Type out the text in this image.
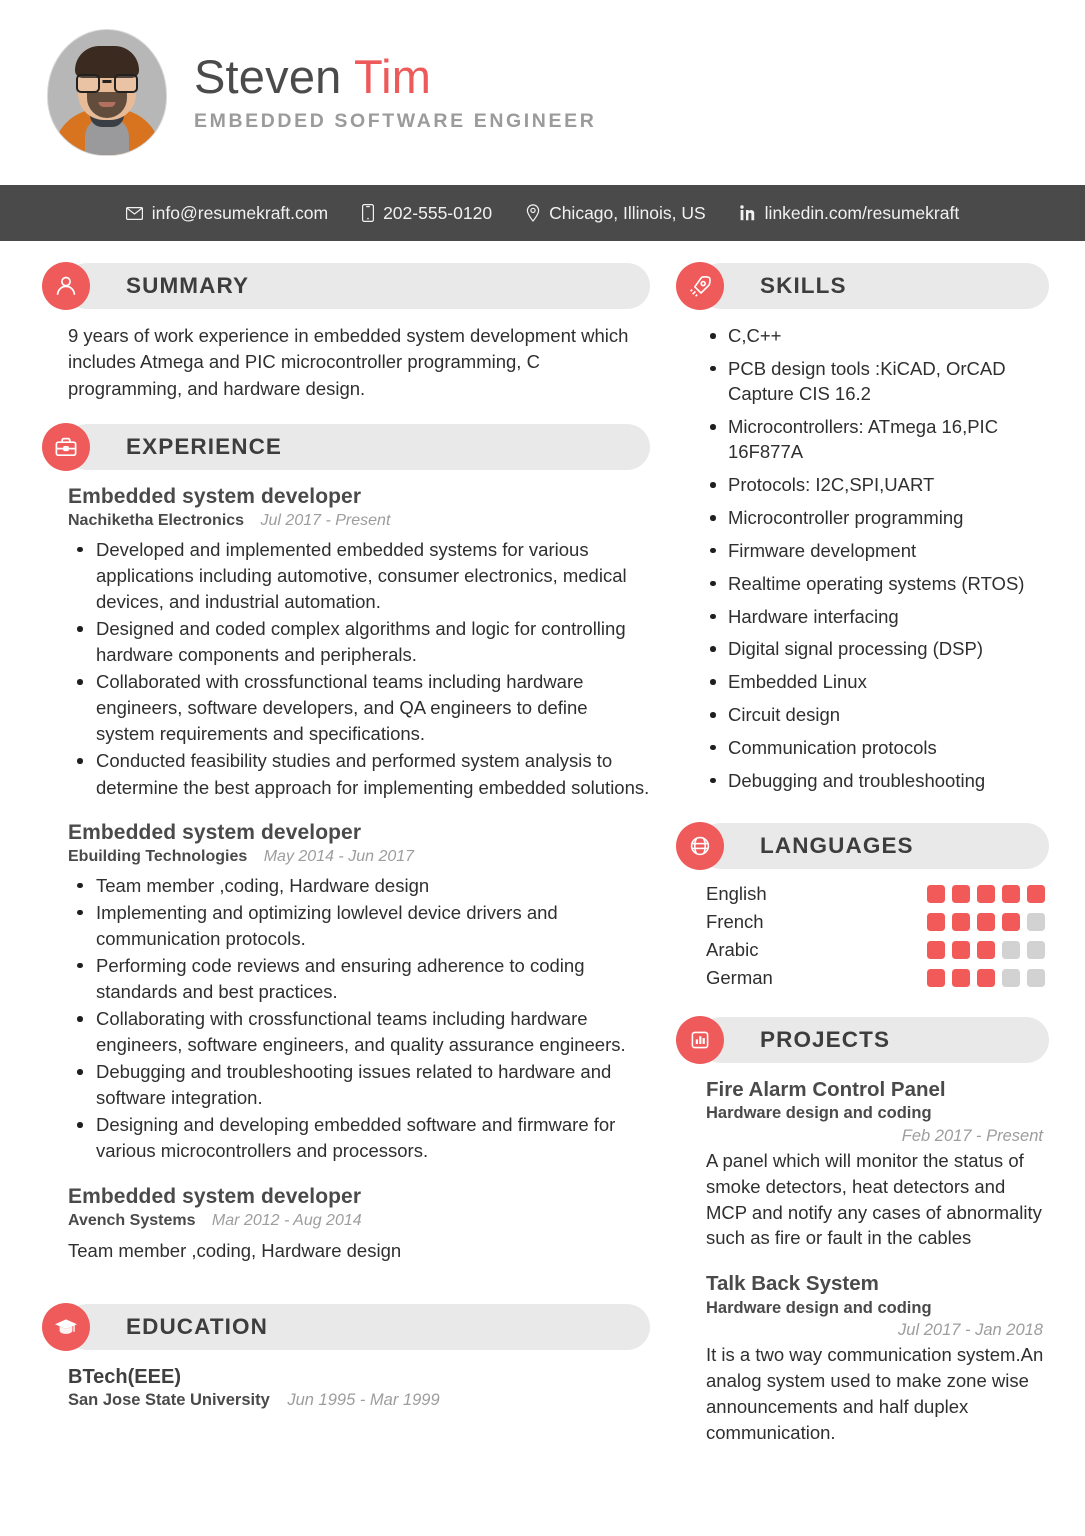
Steven Tim
EMBEDDED SOFTWARE ENGINEER
info@resumekraft.com	202-555-0120	Chicago, Illinois, US	linkedin.com/resumekraft
SUMMARY
9 years of work experience in embedded system development which includes Atmega and PIC microcontroller programming, C programming, and hardware design.
EXPERIENCE
Embedded system developer
Nachiketha Electronics Jul 2017 - Present
Developed and implemented embedded systems for various applications including automotive, consumer electronics, medical devices, and industrial automation.
Designed and coded complex algorithms and logic for controlling hardware components and peripherals.
Collaborated with crossfunctional teams including hardware engineers, software developers, and QA engineers to define system requirements and specifications.
Conducted feasibility studies and performed system analysis to determine the best approach for implementing embedded solutions.
Embedded system developer
Ebuilding Technologies May 2014 - Jun 2017
Team member ,coding, Hardware design
Implementing and optimizing lowlevel device drivers and communication protocols.
Performing code reviews and ensuring adherence to coding standards and best practices.
Collaborating with crossfunctional teams including hardware engineers, software engineers, and quality assurance engineers.
Debugging and troubleshooting issues related to hardware and software integration.
Designing and developing embedded software and firmware for various microcontrollers and processors.
Embedded system developer
Avench Systems Mar 2012 - Aug 2014
Team member ,coding, Hardware design
EDUCATION
BTech(EEE)
San Jose State University Jun 1995 - Mar 1999
SKILLS
C,C++
PCB design tools :KiCAD, OrCAD Capture CIS 16.2
Microcontrollers: ATmega 16,PIC 16F877A
Protocols: I2C,SPI,UART
Microcontroller programming
Firmware development
Realtime operating systems (RTOS)
Hardware interfacing
Digital signal processing (DSP)
Embedded Linux
Circuit design
Communication protocols
Debugging and troubleshooting
LANGUAGES
English
French
Arabic
German
PROJECTS
Fire Alarm Control Panel
Hardware design and coding
Feb 2017 - Present
A panel which will monitor the status of smoke detectors, heat detectors and MCP and notify any cases of abnormality such as fire or fault in the cables
Talk Back System
Hardware design and coding
Jul 2017 - Jan 2018
It is a two way communication system.An analog system used to make zone wise announcements and half duplex communication.
